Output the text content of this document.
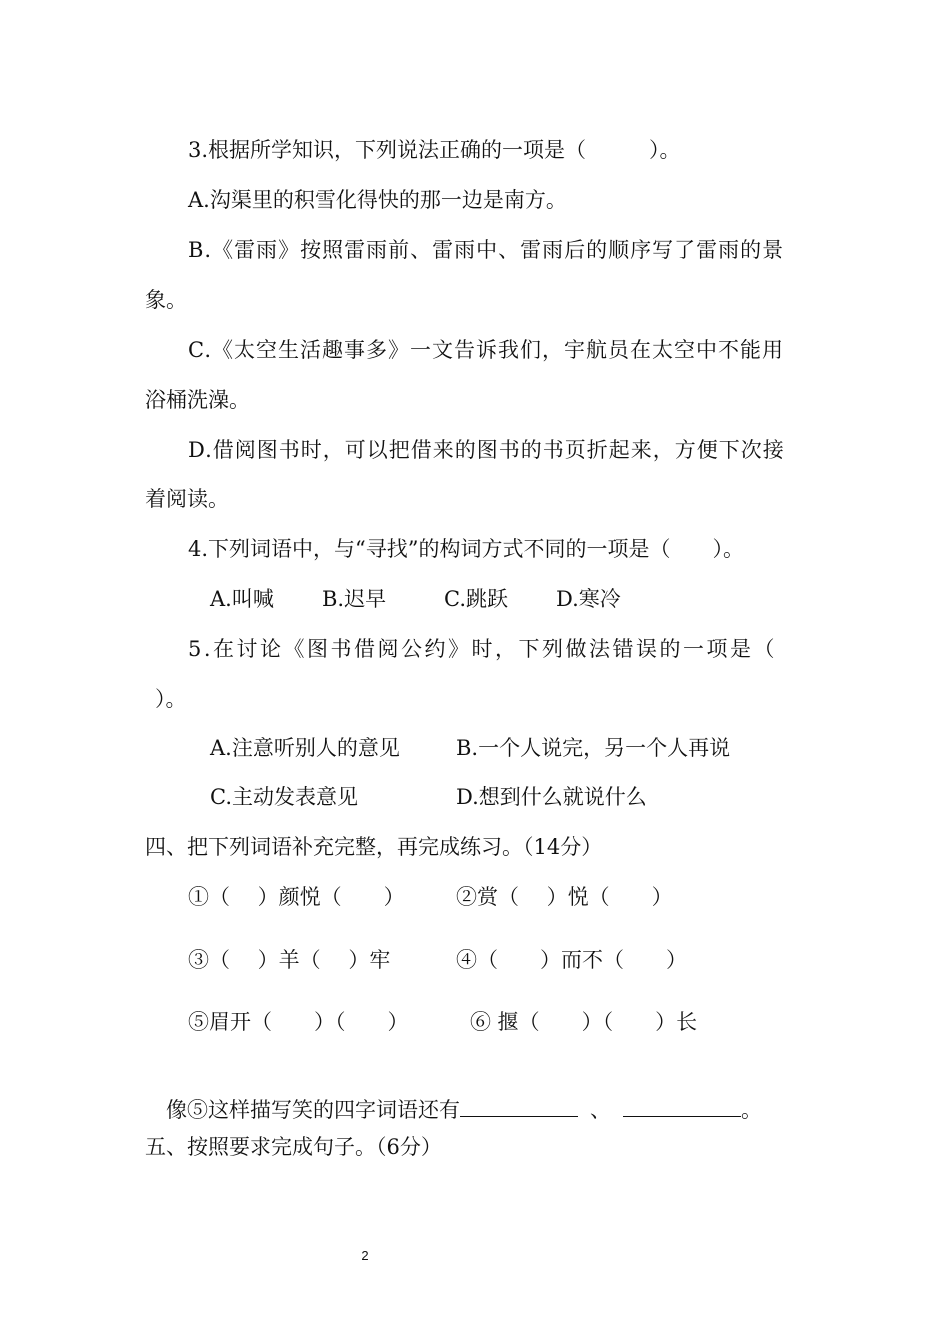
3.根据所学知识，下列说法正确的一项是（　　　）。
A.沟渠里的积雪化得快的那一边是南方。
B.《雷雨》按照雷雨前、雷雨中、雷雨后的顺序写了雷雨的景
象。
C.《太空生活趣事多》一文告诉我们，宇航员在太空中不能用
浴桶洗澡。
D.借阅图书时，可以把借来的图书的书页折起来，方便下次接
着阅读。
4.下列词语中，与“寻找”的构词方式不同的一项是（　　）。
A.叫喊 B.迟早	C.跳跃 D.寒冷
5.在讨论《图书借阅公约》时，下列做法错误的一项是（
）。
A.注意听别人的意见	B.一个人说完，另一个人再说
C.主动发表意见	D.想到什么就说什么
四、把下列词语补充完整，再完成练习。（14分）
①（　 ）颜悦（　　） ②赏（　 ）悦（　　）
③（　 ）羊（　 ）牢	④（　　）而不（　　）
⑤眉开（　　）（　　）	⑥ 揠（　　）（　　）长

像⑤这样描写笑的四字词语还有	、	。

五、按照要求完成句子。（6分）
2
